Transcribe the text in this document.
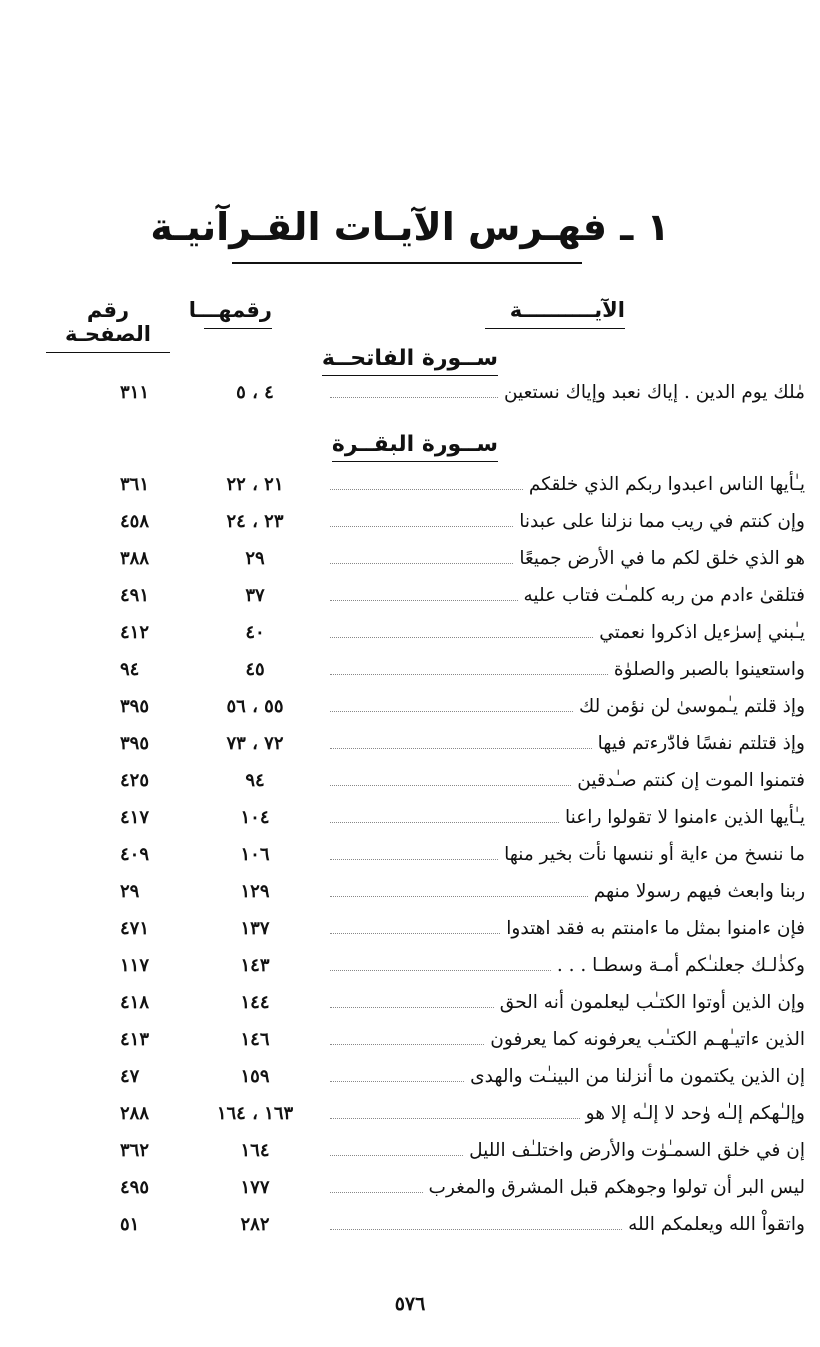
١ ـ فهـرس الآيـات القـرآنيـة
الآيــــــــــة
رقمهـــا
رقم الصفحـة
ســورة الفاتحــة
ســورة البقــرة
مٰلك يوم الدين . إياك نعبد وإياك نستعين
٤ ، ٥
٣١١
يـٰأيها الناس اعبدوا ربكم الذي خلقكم
٢١ ، ٢٢
٣٦١
وإن كنتم في ريب مما نزلنا على عبدنا
٢٣ ، ٢٤
٤٥٨
هو الذي خلق لكم ما في الأرض جميعًا
٢٩
٣٨٨
فتلقىٰ ءادم من ربه كلمـٰت فتاب عليه
٣٧
٤٩١
يـٰبني إسرٰءيل اذكروا نعمتي
٤٠
٤١٢
واستعينوا بالصبر والصلوٰة
٤٥
٩٤
وإذ قلتم يـٰموسىٰ لن نؤمن لك
٥٥ ، ٥٦
٣٩٥
وإذ قتلتم نفسًا فادّٰرءتم فيها
٧٢ ، ٧٣
٣٩٥
فتمنوا الموت إن كنتم صـٰدقين
٩٤
٤٢٥
يـٰأيها الذين ءامنوا لا تقولوا راعنا
١٠٤
٤١٧
ما ننسخ من ءاية أو ننسها نأت بخير منها
١٠٦
٤٠٩
ربنا وابعث فيهم رسولا منهم
١٢٩
٢٩
فإن ءامنوا بمثل ما ءامنتم به فقد اهتدوا
١٣٧
٤٧١
وكذٰلـك جعلنـٰكم أمـة وسطـا . . .
١٤٣
١١٧
وإن الذين أوتوا الكتـٰب ليعلمون أنه الحق
١٤٤
٤١٨
الذين ءاتيـٰهـم الكتـٰب يعرفونه كما يعرفون
١٤٦
٤١٣
إن الذين يكتمون ما أنزلنا من البينـٰت والهدى
١٥٩
٤٧
وإلـٰهكم إلـٰه وٰحد لا إلـٰه إلا هو
١٦٣ ، ١٦٤
٢٨٨
إن في خلق السمـٰوٰت والأرض واختلـٰف الليل
١٦٤
٣٦٢
ليس البر أن تولوا وجوهكم قبل المشرق والمغرب
١٧٧
٤٩٥
واتقواْ الله ويعلمكم الله
٢٨٢
٥١
٥٧٦
